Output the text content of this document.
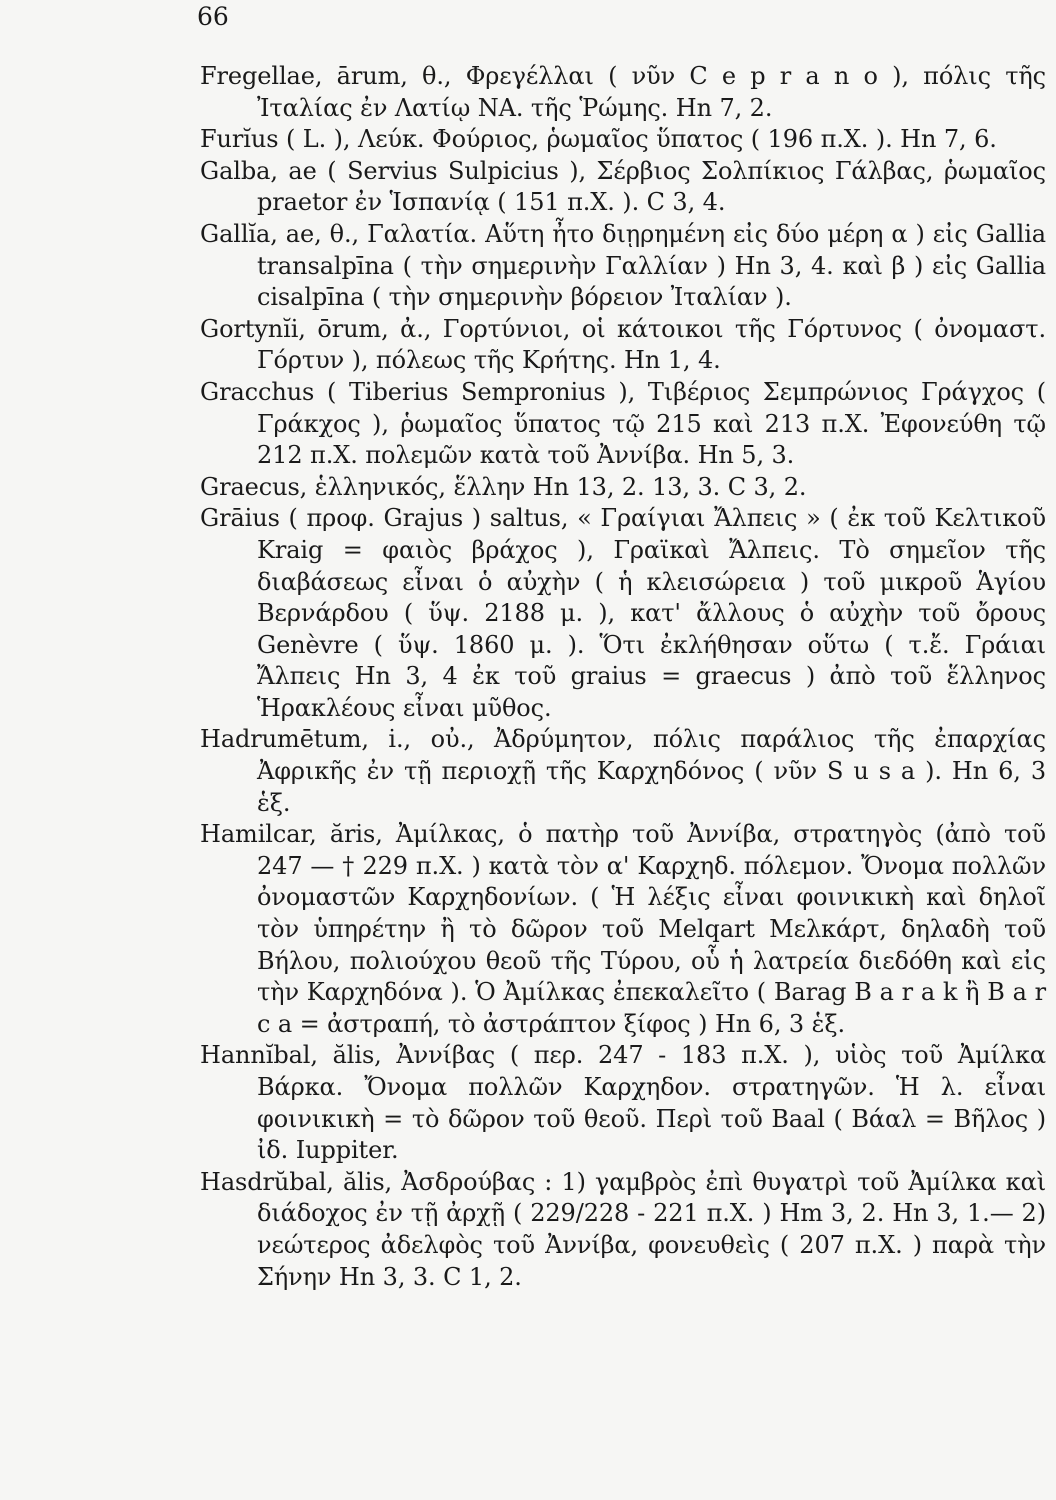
66
Fregellae, ārum, θ., Φρεγέλλαι ( νῦν C e p r a n o ), πόλις τῆς Ἰταλίας ἐν Λατίῳ ΝΑ. τῆς Ῥώμης. Hn 7, 2.
Furĭus ( L. ), Λεύκ. Φούριος, ῥωμαῖος ὕπατος ( 196 π.Χ. ). Hn 7, 6.
Galba, ae ( Servius Sulpicius ), Σέρβιος Σολπίκιος Γάλβας, ῥωμαῖος praetor ἐν Ἱσπανίᾳ ( 151 π.Χ. ). C 3, 4.
Gallĭa, ae, θ., Γαλατία. Αὕτη ἦτο διῃρημένη εἰς δύο μέρη α ) εἰς Gallia transalpīna ( τὴν σημερινὴν Γαλλίαν ) Hn 3, 4. καὶ β ) εἰς Gallia cisalpīna ( τὴν σημερινὴν βόρειον Ἰταλίαν ).
Gortynĭi, ōrum, ἀ., Γορτύνιοι, οἱ κάτοικοι τῆς Γόρτυνος ( ὀνομαστ. Γόρτυν ), πόλεως τῆς Κρήτης. Hn 1, 4.
Gracchus ( Tiberius Sempronius ), Τιβέριος Σεμπρώνιος Γράγχος ( Γράκχος ), ῥωμαῖος ὕπατος τῷ 215 καὶ 213 π.Χ. Ἐφονεύθη τῷ 212 π.Χ. πολεμῶν κατὰ τοῦ Ἀννίβα. Hn 5, 3.
Graecus, ἑλληνικός, ἕλλην Hn 13, 2. 13, 3. C 3, 2.
Grāius ( προφ. Grajus ) saltus, « Γραίγιαι Ἄλπεις » ( ἐκ τοῦ Κελτικοῦ Kraig = φαιὸς βράχος ), Γραϊκαὶ Ἄλπεις. Τὸ σημεῖον τῆς διαβάσεως εἶναι ὁ αὐχὴν ( ἡ κλεισώρεια ) τοῦ μικροῦ Ἁγίου Βερνάρδου ( ὕψ. 2188 μ. ), κατ' ἄλλους ὁ αὐχὴν τοῦ ὄρους Genèvre ( ὕψ. 1860 μ. ). Ὅτι ἐκλήθησαν οὕτω ( τ.ἔ. Γράιαι Ἄλπεις Hn 3, 4 ἐκ τοῦ graius = graecus ) ἀπὸ τοῦ ἕλληνος Ἡρακλέους εἶναι μῦθος.
Hadrumētum, i., οὐ., Ἀδρύμητον, πόλις παράλιος τῆς ἐπαρχίας Ἀφρικῆς ἐν τῇ περιοχῇ τῆς Καρχηδόνος ( νῦν S u s a ). Hn 6, 3 ἑξ.
Hamilcar, ăris, Ἀμίλκας, ὁ πατὴρ τοῦ Ἀννίβα, στρατηγὸς (ἀπὸ τοῦ 247 — † 229 π.Χ. ) κατὰ τὸν α' Καρχηδ. πόλεμον. Ὄνομα πολλῶν ὀνομαστῶν Καρχηδονίων. ( Ἡ λέξις εἶναι φοινικικὴ καὶ δηλοῖ τὸν ὑπηρέτην ἢ τὸ δῶρον τοῦ Melqart Μελκάρτ, δηλαδὴ τοῦ Βήλου, πολιούχου θεοῦ τῆς Τύρου, οὗ ἡ λατρεία διεδόθη καὶ εἰς τὴν Καρχηδόνα ). Ὁ Ἀμίλκας ἐπεκαλεῖτο ( Barag B a r a k ἢ B a r c a = ἀστραπή, τὸ ἀστράπτον ξίφος ) Hn 6, 3 ἑξ.
Hannĭbal, ălis, Ἀννίβας ( περ. 247 - 183 π.Χ. ), υἱὸς τοῦ Ἀμίλκα Βάρκα. Ὄνομα πολλῶν Καρχηδον. στρατηγῶν. Ἡ λ. εἶναι φοινικικὴ = τὸ δῶρον τοῦ θεοῦ. Περὶ τοῦ Baal ( Βάαλ = Βῆλος ) ἰδ. Iuppiter.
Hasdrŭbal, ălis, Ἀσδρούβας : 1) γαμβρὸς ἐπὶ θυγατρὶ τοῦ Ἀμίλκα καὶ διάδοχος ἐν τῇ ἀρχῇ ( 229/228 - 221 π.Χ. ) Hm 3, 2. Hn 3, 1.— 2) νεώτερος ἀδελφὸς τοῦ Ἀννίβα, φονευθεὶς ( 207 π.Χ. ) παρὰ τὴν Σήνην Hn 3, 3. C 1, 2.
